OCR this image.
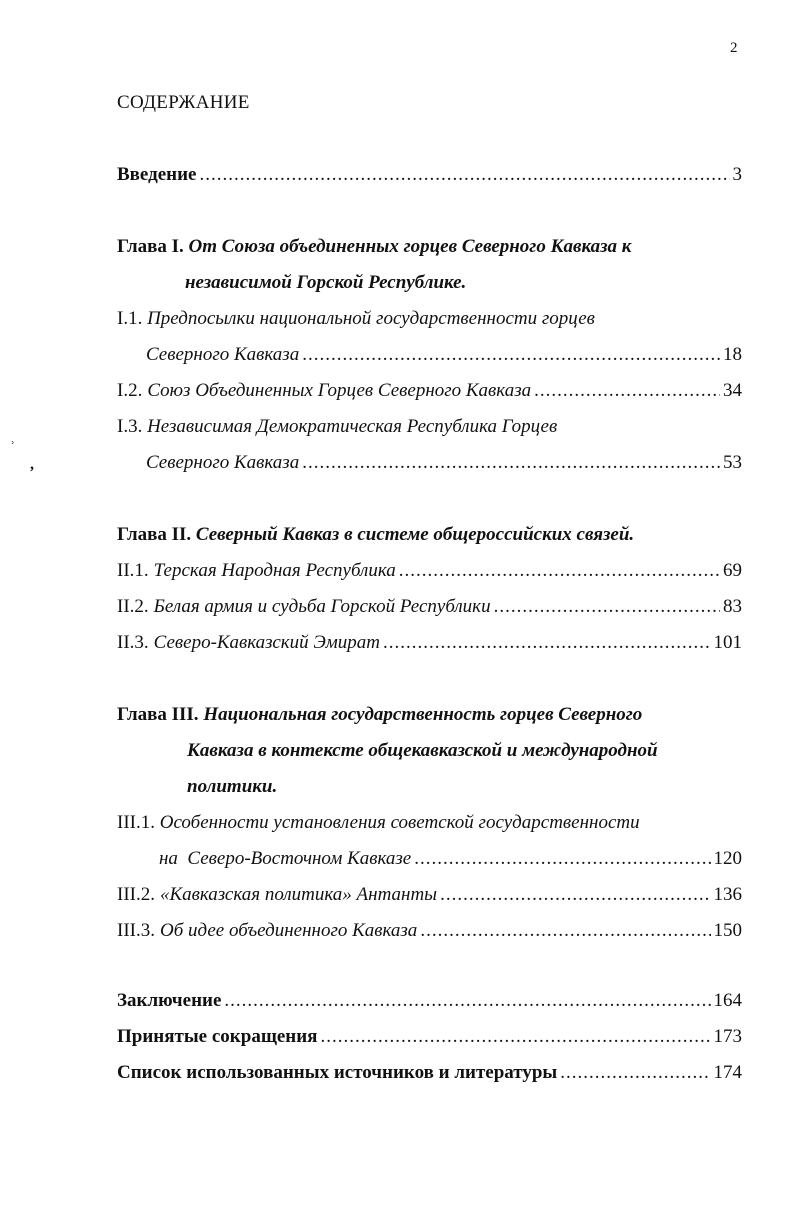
2
СОДЕРЖАНИЕ
Введение .....	3
Глава I. От Союза объединенных горцев Северного Кавказа к
независимой Горской Республике.
I.1. Предпосылки национальной государственности горцев
Северного Кавказа .....	18
I.2. Союз Объединенных Горцев Северного Кавказа .....	34
I.3. Независимая Демократическая Республика Горцев
Северного Кавказа .....	53
Глава II. Северный Кавказ в системе общероссийских связей.
II.1. Терская Народная Республика .....	69
II.2. Белая армия и судьба Горской Республики .....	83
II.3. Северо-Кавказский Эмират .....	101
Глава III. Национальная государственность горцев Северного
Кавказа в контексте общекавказской и международной
политики.
III.1. Особенности установления советской государственности
на  Северо-Восточном Кавказе .....	120
III.2. «Кавказская политика» Антанты .....	136
III.3. Об идее объединенного Кавказа .....	150
Заключение .....	164
Принятые сокращения .....	173
Список использованных источников и литературы .....	174
˒
,
